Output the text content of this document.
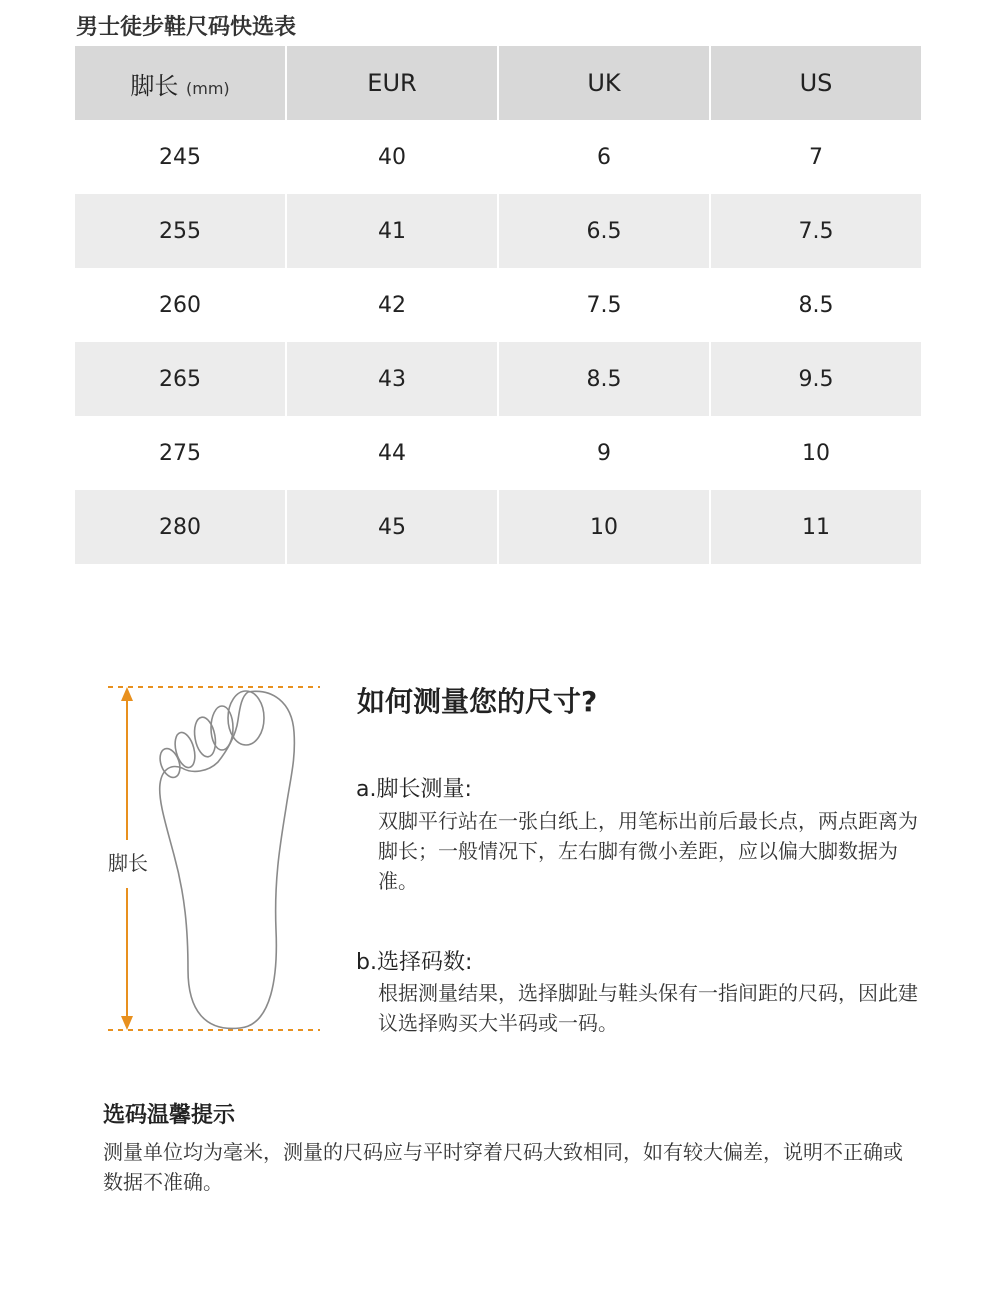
男士徒步鞋尺码快选表
脚长 (mm)	EUR	UK	US
245	40	6	7
255	41	6.5	7.5
260	42	7.5	8.5
265	43	8.5	9.5
275	44	9	10
280	45	10	11
脚长
如何测量您的尺寸?
a.脚长测量:
双脚平行站在一张白纸上，用笔标出前后最长点，两点距离为脚长；一般情况下，左右脚有微小差距，应以偏大脚数据为准。
b.选择码数:
根据测量结果，选择脚趾与鞋头保有一指间距的尺码，因此建议选择购买大半码或一码。
选码温馨提示
测量单位均为毫米，测量的尺码应与平时穿着尺码大致相同，如有较大偏差，说明不正确或数据不准确。
